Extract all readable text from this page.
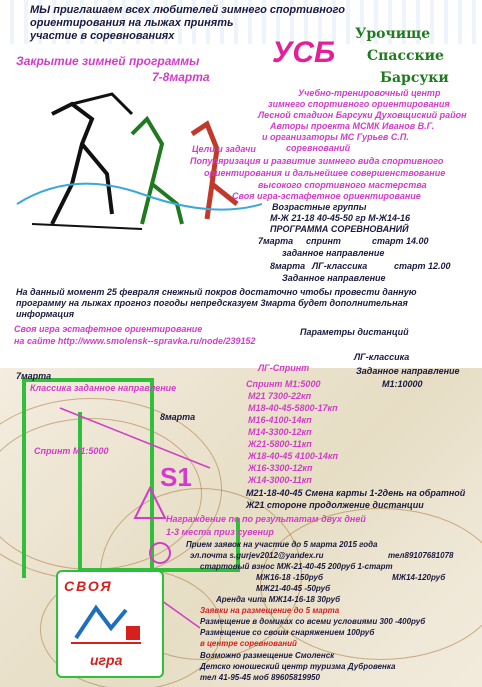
МЫ приглашаем всех любителей зимнего спортивного
ориентирования на лыжах принять
участие в соревнованиях
Закрытие зимней программы
7-8марта
УСБ
Урочище
Спасские
Барсуки
Учебно-тренировочный центр
зимнего спортивного ориентирования
Лесной стадион Барсуки Духовщиский район
Авторы проекта МСМК Иванов В.Г.
и организаторы МС Гурьев С.П.
соревнований
Цели и задачи
Популяризация и развитие зимнего вида спортивного
ориентирования и дальнейшее совершенствование
высокого спортивного мастерства
Своя игра-эстафетное ориентирование
Возрастные группы
М-Ж 21-18 40-45-50 гр М-Ж14-16
ПРОГРАММА СОРЕВНОВАНИЙ
7марта спринт	старт 14.00
заданное направление
8марта ЛГ-классика	старт 12.00
Заданное направление
На данный момент 25 февраля снежный покров достаточно чтобы провести данную
программу на лыжах прогноз погоды непредсказуем 3марта будет дополнительная
информация
Своя игра эстафетное ориентирование
на сайте http://www.smolensk--spravka.ru/node/239152
Параметры дистанций
7марта
Классика заданное направление
8марта
Спринт М1:5000
S1
ЛГ-Спринт
Спринт М1:5000
М21 7300-22кп
М18-40-45-5800-17кп
М16-4100-14кп
М14-3300-12кп
Ж21-5800-11кп
Ж18-40-45 4100-14кп
Ж16-3300-12кп
Ж14-3000-11кп
ЛГ-классика
Заданное направление
М1:10000
М21-18-40-45 Смена карты 1-2день на обратной
Ж21 стороне продолжение дистанции
Награждение по по результатам двух дней
1-3 места приз сувенир
Прием заявок на участие до 5 марта 2015 года
эл.почта s.gurjev2012@yandex.ru	тел89107681078
стартовый взнос МЖ-21-40-45 200руб 1-старт
МЖ16-18 -150руб	МЖ14-120руб
МЖ21-40-45 -50руб
Аренда чипа МЖ14-16-18 30руб
Заявки на размещение до 5 марта
Размещение в домиках со всеми условиями 300 -400руб
Размещение со своим снаряжением 100руб
в центре соревнований
Возможно размещение Смоленск
Детско юношеский центр туризма Дубровенка
тел 41-95-45 моб 89605819950
СВОЯ
игра
